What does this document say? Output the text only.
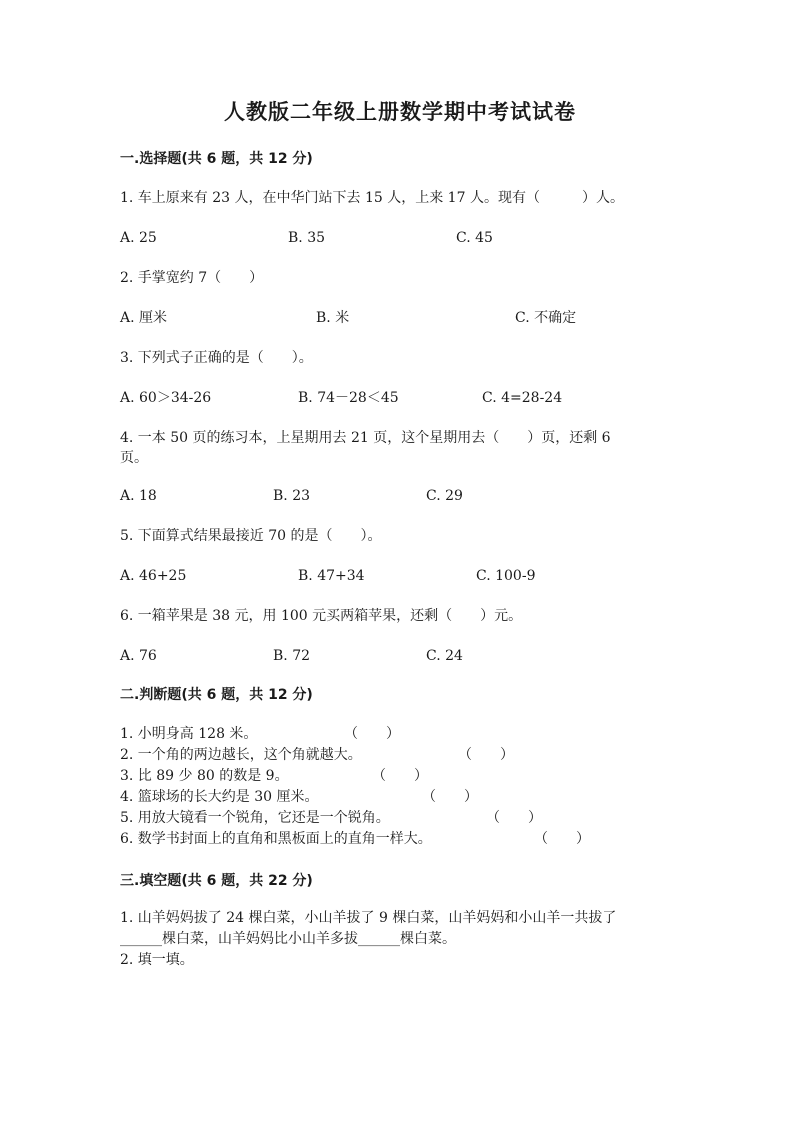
人教版二年级上册数学期中考试试卷
一.选择题(共 6 题，共 12 分)
1. 车上原来有 23 人，在中华门站下去 15 人，上来 17 人。现有（　　　）人。
A. 25	B. 35	C. 45
2. 手掌宽约 7（　　）
A. 厘米	B. 米	C. 不确定
3. 下列式子正确的是（　　）。
A. 60＞34-26	B. 74－28＜45	C. 4=28-24
4. 一本 50 页的练习本，上星期用去 21 页，这个星期用去（　　）页，还剩 6
页。
A. 18	B. 23	C. 29
5. 下面算式结果最接近 70 的是（　　）。
A. 46+25	B. 47+34	C. 100-9
6. 一箱苹果是 38 元，用 100 元买两箱苹果，还剩（　　）元。
A. 76	B. 72	C. 24
二.判断题(共 6 题，共 12 分)
1. 小明身高 128 米。	（　　）
2. 一个角的两边越长，这个角就越大。	（　　）
3. 比 89 少 80 的数是 9。	（　　）
4. 篮球场的长大约是 30 厘米。	（　　）
5. 用放大镜看一个锐角，它还是一个锐角。	（　　）
6. 数学书封面上的直角和黑板面上的直角一样大。	（　　）
三.填空题(共 6 题，共 22 分)
1. 山羊妈妈拔了 24 棵白菜，小山羊拔了 9 棵白菜，山羊妈妈和小山羊一共拔了
______棵白菜，山羊妈妈比小山羊多拔______棵白菜。
2. 填一填。
